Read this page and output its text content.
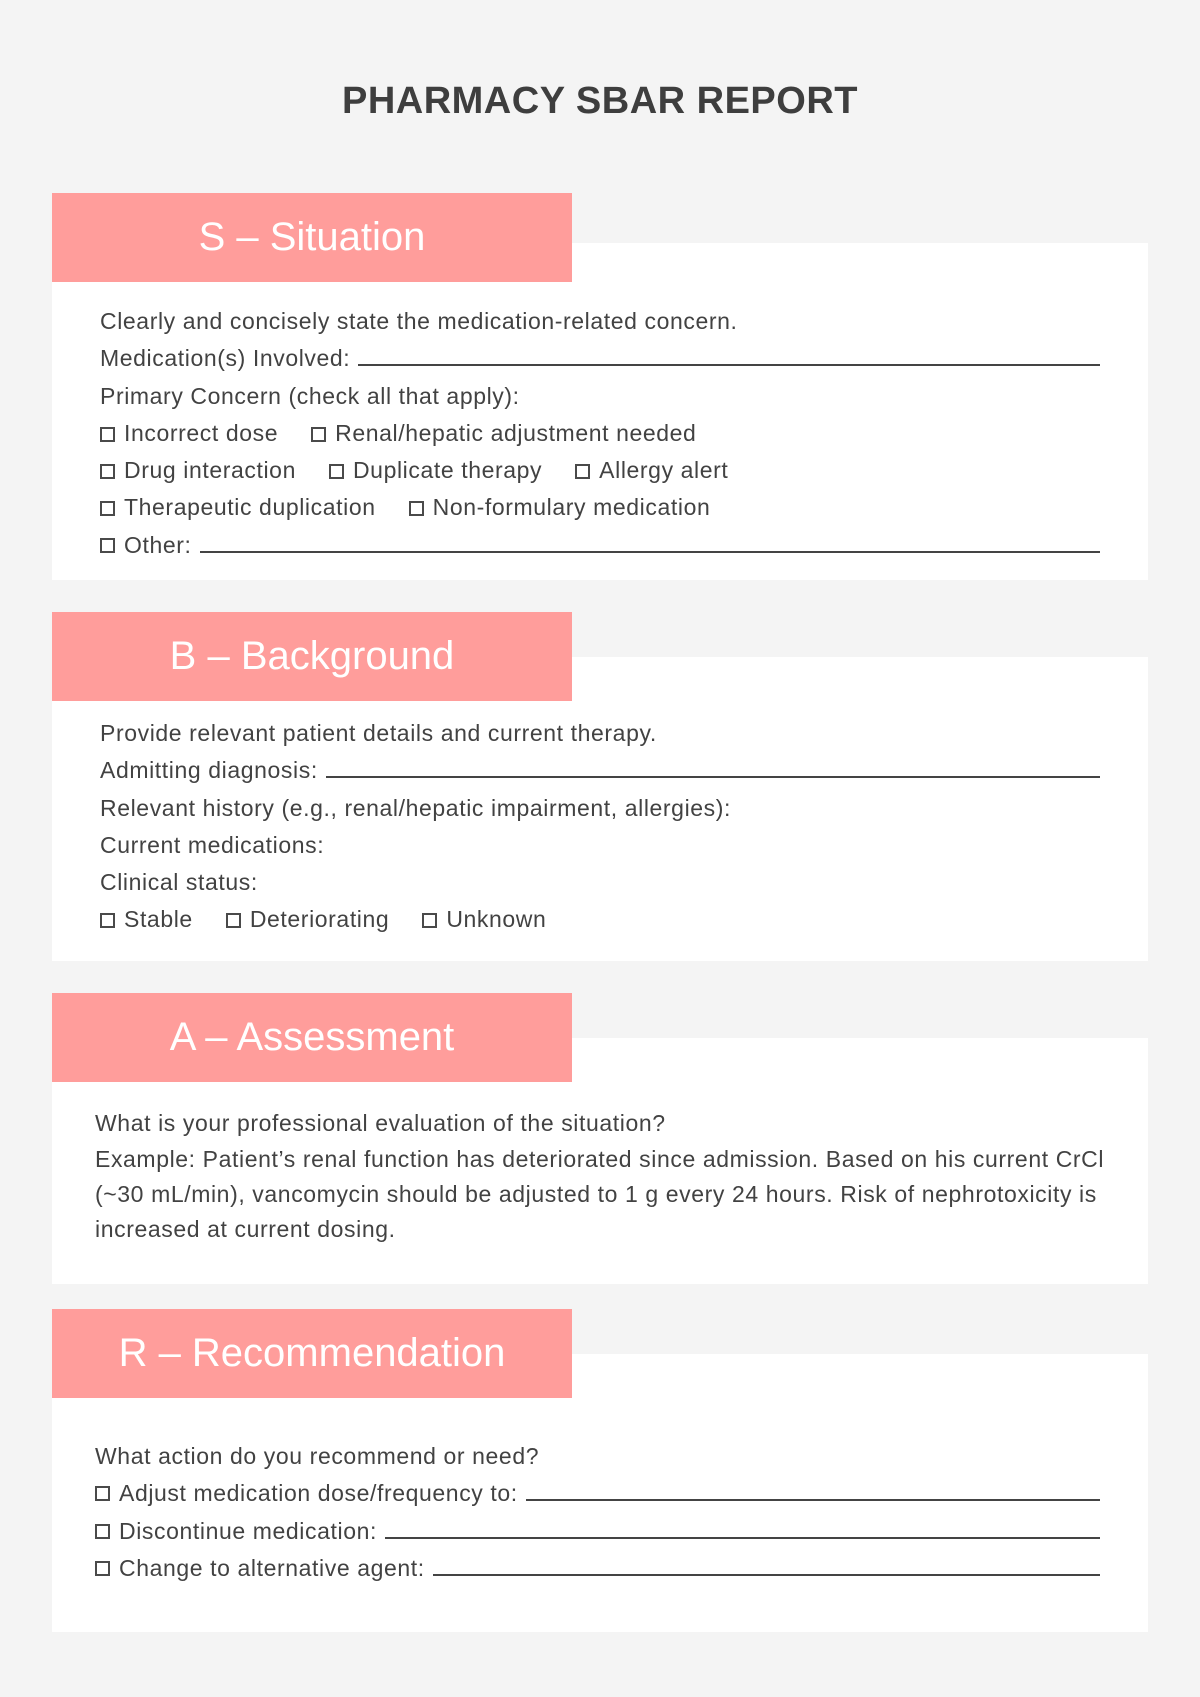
PHARMACY SBAR REPORT
S – Situation
Clearly and concisely state the medication-related concern.
Medication(s) Involved:
Primary Concern (check all that apply):
Incorrect dose Renal/hepatic adjustment needed
Drug interaction Duplicate therapy Allergy alert
Therapeutic duplication Non-formulary medication
Other:
B – Background
Provide relevant patient details and current therapy.
Admitting diagnosis:
Relevant history (e.g., renal/hepatic impairment, allergies):
Current medications:
Clinical status:
Stable Deteriorating Unknown
A – Assessment
What is your professional evaluation of the situation?
Example: Patient’s renal function has deteriorated since admission. Based on his current CrCl (~30 mL/min), vancomycin should be adjusted to 1 g every 24 hours. Risk of nephrotoxicity is increased at current dosing.
R – Recommendation
What action do you recommend or need?
Adjust medication dose/frequency to:
Discontinue medication:
Change to alternative agent:
